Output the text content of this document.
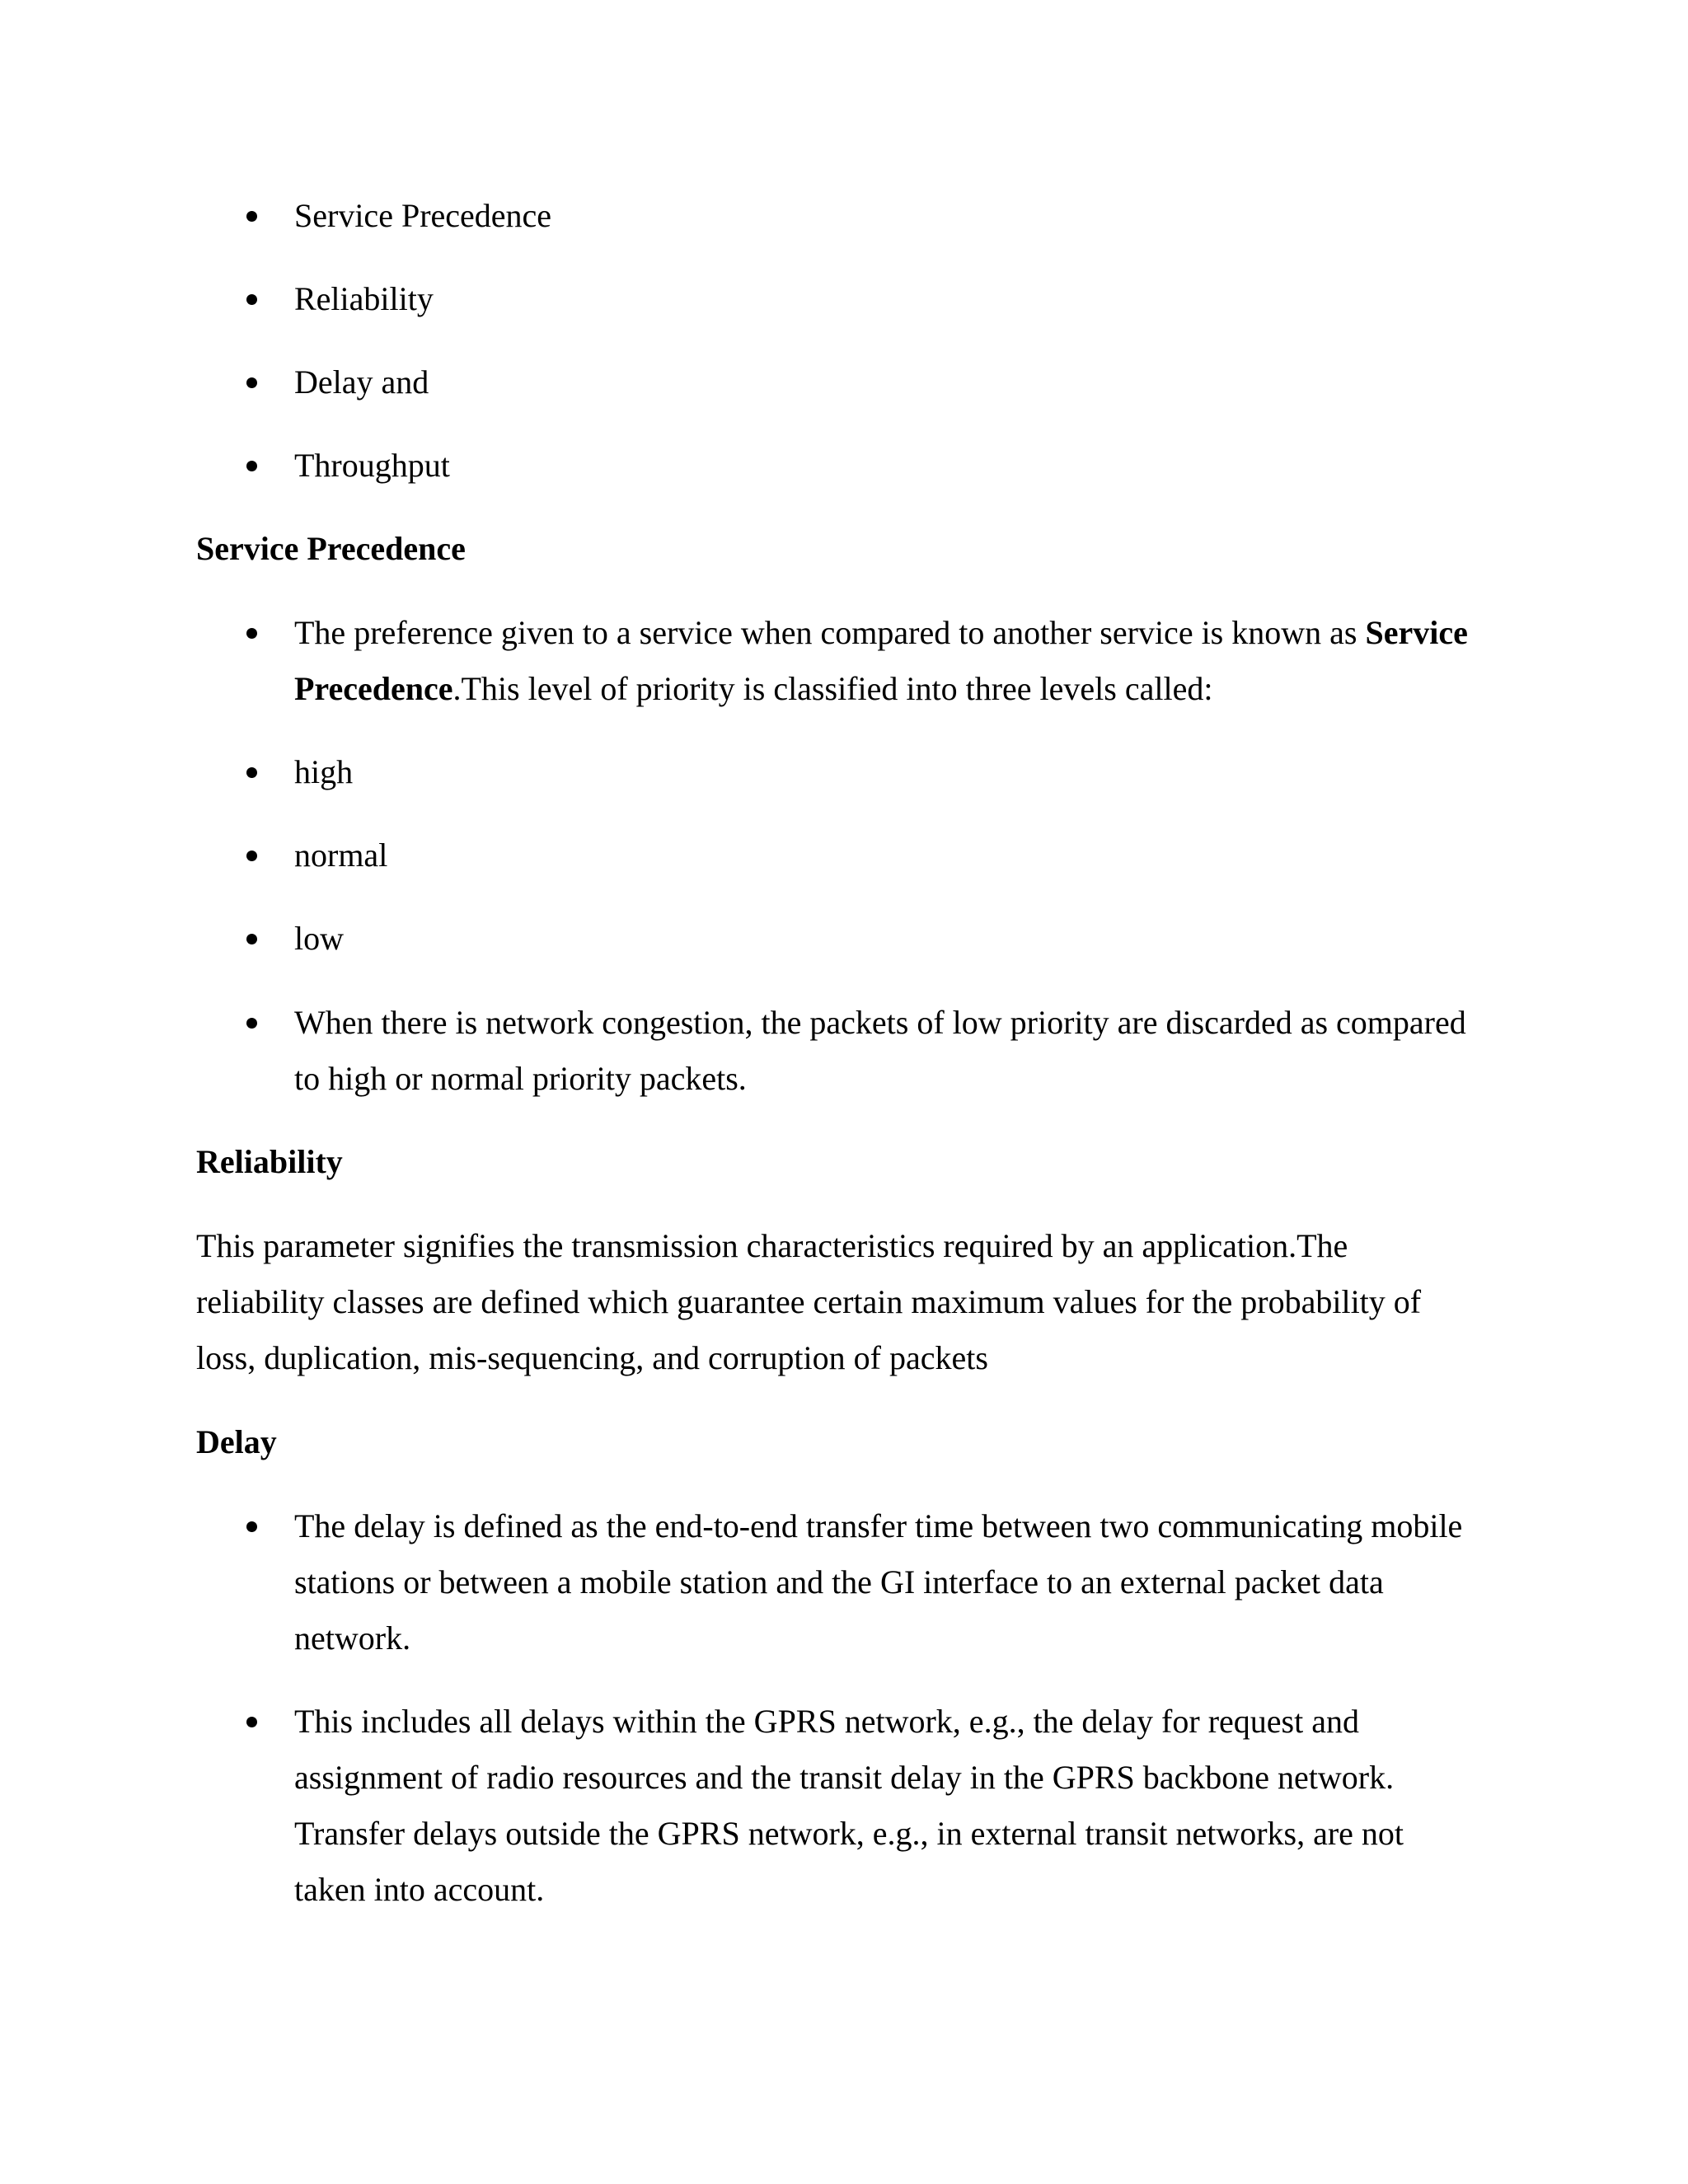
Service Precedence
Reliability
Delay and
Throughput
Service Precedence
The preference given to a service when compared to another service is known as Service
Precedence.This level of priority is classified into three levels called:
high
normal
low
When there is network congestion, the packets of low priority are discarded as compared
to high or normal priority packets.
Reliability
This parameter signifies the transmission characteristics required by an application.The
reliability classes are defined which guarantee certain maximum values for the probability of
loss, duplication, mis-sequencing, and corruption of packets
Delay
The delay is defined as the end-to-end transfer time between two communicating mobile
stations or between a mobile station and the GI interface to an external packet data
network.
This includes all delays within the GPRS network, e.g., the delay for request and
assignment of radio resources and the transit delay in the GPRS backbone network.
Transfer delays outside the GPRS network, e.g., in external transit networks, are not
taken into account.
